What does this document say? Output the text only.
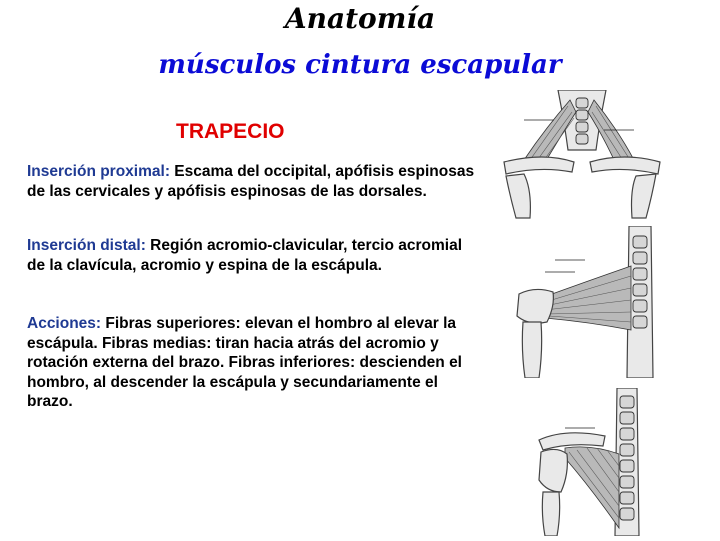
Anatomía
músculos cintura escapular
TRAPECIO

Inserción proximal: Escama del occipital, apófisis espinosas de las cervicales y apófisis espinosas de las dorsales.

Inserción distal: Región acromio-clavicular, tercio acromial de la clavícula, acromio y espina de la escápula.

Acciones: Fibras superiores: elevan el hombro al elevar la escápula. Fibras medias: tiran hacia atrás del acromio y rotación externa del brazo. Fibras inferiores: descienden el hombro, al descender la escápula y secundariamente el brazo.
